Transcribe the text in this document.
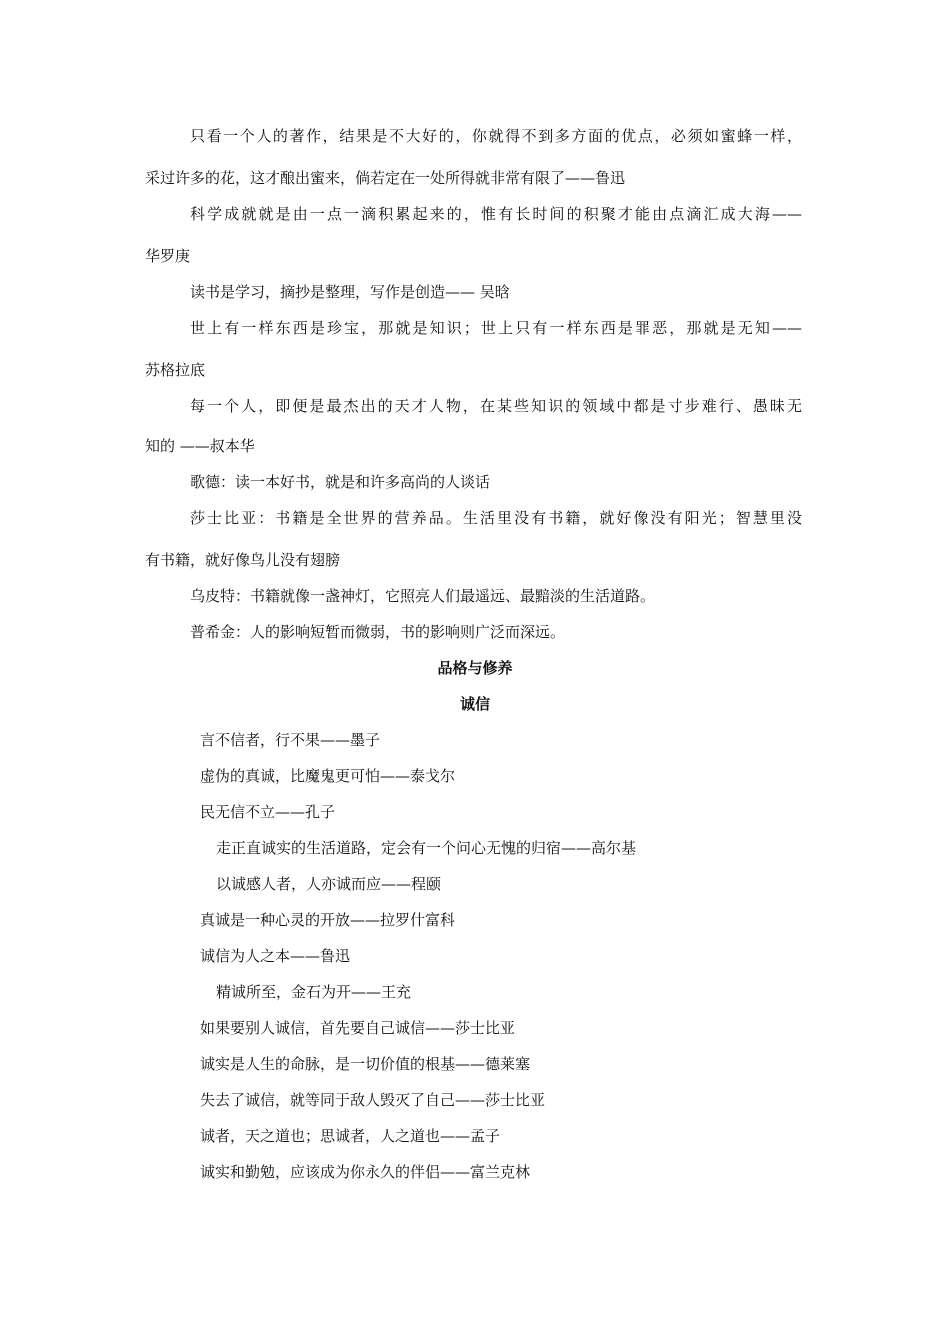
只看一个人的著作，结果是不大好的，你就得不到多方面的优点，必须如蜜蜂一样，
采过许多的花，这才酿出蜜来，倘若定在一处所得就非常有限了——鲁迅
科学成就就是由一点一滴积累起来的，惟有长时间的积聚才能由点滴汇成大海——
华罗庚
读书是学习，摘抄是整理，写作是创造—— 吴晗
世上有一样东西是珍宝，那就是知识；世上只有一样东西是罪恶，那就是无知——
苏格拉底
每一个人，即便是最杰出的天才人物，在某些知识的领域中都是寸步难行、愚昧无
知的 ——叔本华
歌德：读一本好书，就是和许多高尚的人谈话
莎士比亚：书籍是全世界的营养品。生活里没有书籍，就好像没有阳光；智慧里没
有书籍，就好像鸟儿没有翅膀
乌皮特：书籍就像一盏神灯，它照亮人们最遥远、最黯淡的生活道路。
普希金：人的影响短暂而微弱，书的影响则广泛而深远。
品格与修养
诚信
言不信者，行不果——墨子
虚伪的真诚，比魔鬼更可怕——泰戈尔
民无信不立——孔子
走正直诚实的生活道路，定会有一个问心无愧的归宿——高尔基
以诚感人者，人亦诚而应——程颐
真诚是一种心灵的开放——拉罗什富科
诚信为人之本——鲁迅
精诚所至，金石为开——王充
如果要别人诚信，首先要自己诚信——莎士比亚
诚实是人生的命脉，是一切价值的根基——德莱塞
失去了诚信，就等同于敌人毁灭了自己——莎士比亚
诚者，天之道也；思诚者，人之道也——孟子
诚实和勤勉，应该成为你永久的伴侣——富兰克林
